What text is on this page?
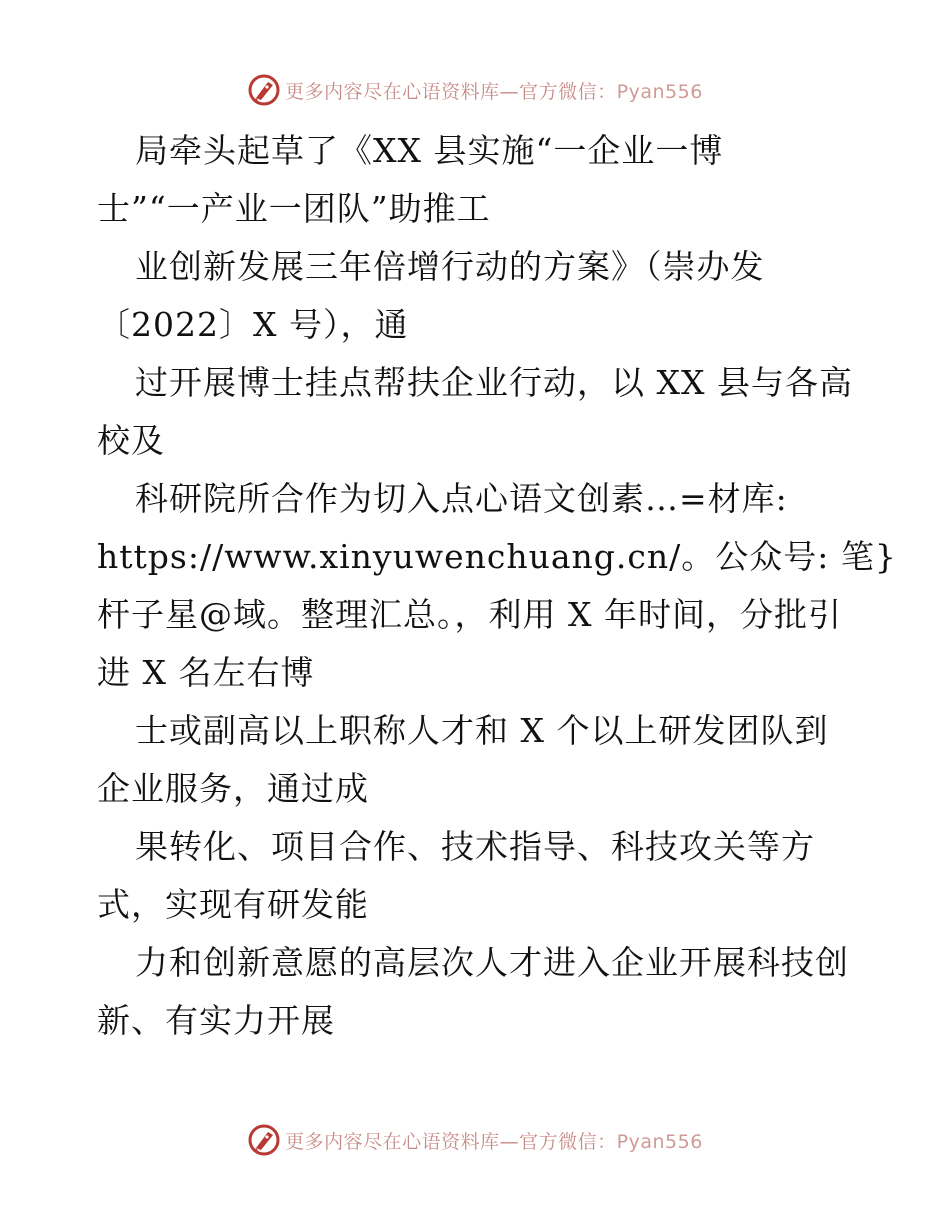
更多内容尽在心语资料库—官方微信：Pyan556
局牵头起草了《XX 县实施“一企业一博
士”“一产业一团队”助推工
业创新发展三年倍增行动的方案》（崇办发
〔2022〕X 号），通
过开展博士挂点帮扶企业行动，以 XX 县与各高
校及
科研院所合作为切入点心语文创素…=材库:
https://www.xinyuwenchuang.cn/。公众号: 笔}
杆子星@域。整理汇总。，利用 X 年时间，分批引
进 X 名左右博
士或副高以上职称人才和 X 个以上研发团队到
企业服务，通过成
果转化、项目合作、技术指导、科技攻关等方
式，实现有研发能
力和创新意愿的高层次人才进入企业开展科技创
新、有实力开展
更多内容尽在心语资料库—官方微信：Pyan556
